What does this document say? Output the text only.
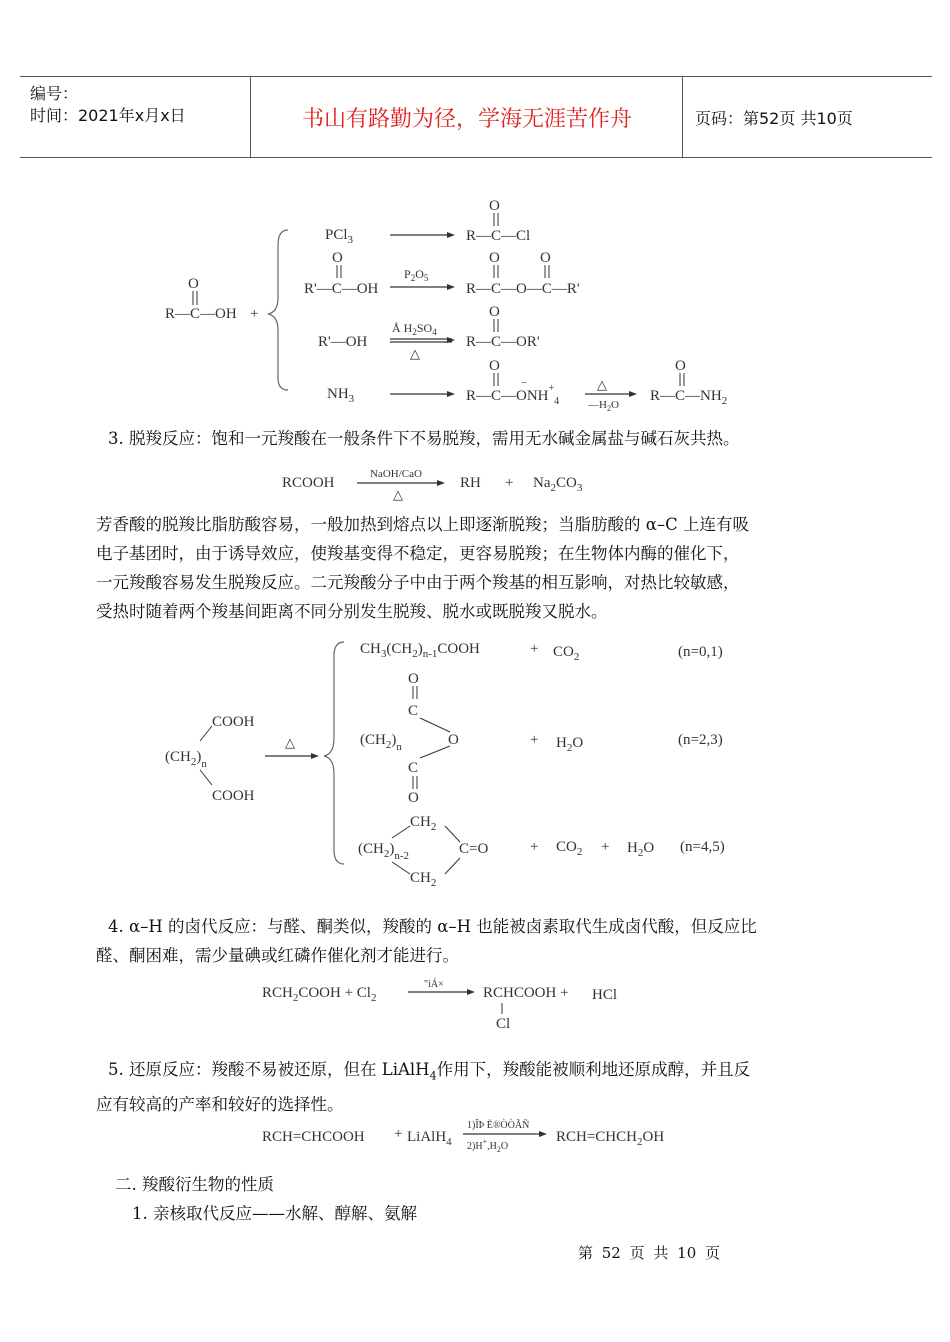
编号：
时间：2021年x月x日	书山有路勤为径，学海无涯苦作舟	页码：第52页 共10页
O
R—C—OH +
PCl$_3$
O
R—C—Cl
O
R'—C—OH
$P_2O_5$
O	O
R—C—O—C—R'
R'—OH
Å $H_2SO_4$
△
O
R—C—OR'
$NH_3$
O
−
$R—C—ONH^+_4$
△
$—H_2O$
O
$R—C—NH_2$
3. 脱羧反应：饱和一元羧酸在一般条件下不易脱羧，需用无水碱金属盐与碱石灰共热。
RCOOH
NaOH/CaO
△
RH + $Na_2CO_3$
芳香酸的脱羧比脂肪酸容易，一般加热到熔点以上即逐渐脱羧；当脂肪酸的 α–C 上连有吸
电子基团时，由于诱导效应，使羧基变得不稳定，更容易脱羧；在生物体内酶的催化下，
一元羧酸容易发生脱羧反应。二元羧酸分子中由于两个羧基的相互影响，对热比较敏感，
受热时随着两个羧基间距离不同分别发生脱羧、脱水或既脱羧又脱水。
COOH
$(CH_2)_n$
COOH
△
$CH_3(CH_2)_{n-1}COOH$	+ $CO_2$	(n=0,1)
O
C
$(CH_2)_n$	O
C
O
+ $H_2O$	(n=2,3)
$CH_2$
$(CH_2)_{n-2}$	C=O
$CH_2$
+ $CO_2 + H_2O$ (n=4,5)
4. α–H 的卤代反应：与醛、酮类似，羧酸的 α–H 也能被卤素取代生成卤代酸，但反应比
醛、酮困难，需少量碘或红磷作催化剂才能进行。
$RCH_2COOH + Cl_2$
"iÁ×
RCHCOOH + HCl
Cl
5. 还原反应：羧酸不易被还原，但在 LiAlH$_4$作用下，羧酸能被顺利地还原成醇，并且反
应有较高的产率和较好的选择性。
RCH=CHCOOH + LiAlH$_4$
1)ÎÞ Ë®ÒÒÃÑ
$2)H^+,H_2O$
$RCH=CHCH_2OH$
二. 羧酸衍生物的性质
1. 亲核取代反应——水解、醇解、氨解
第 52 页 共 10 页
